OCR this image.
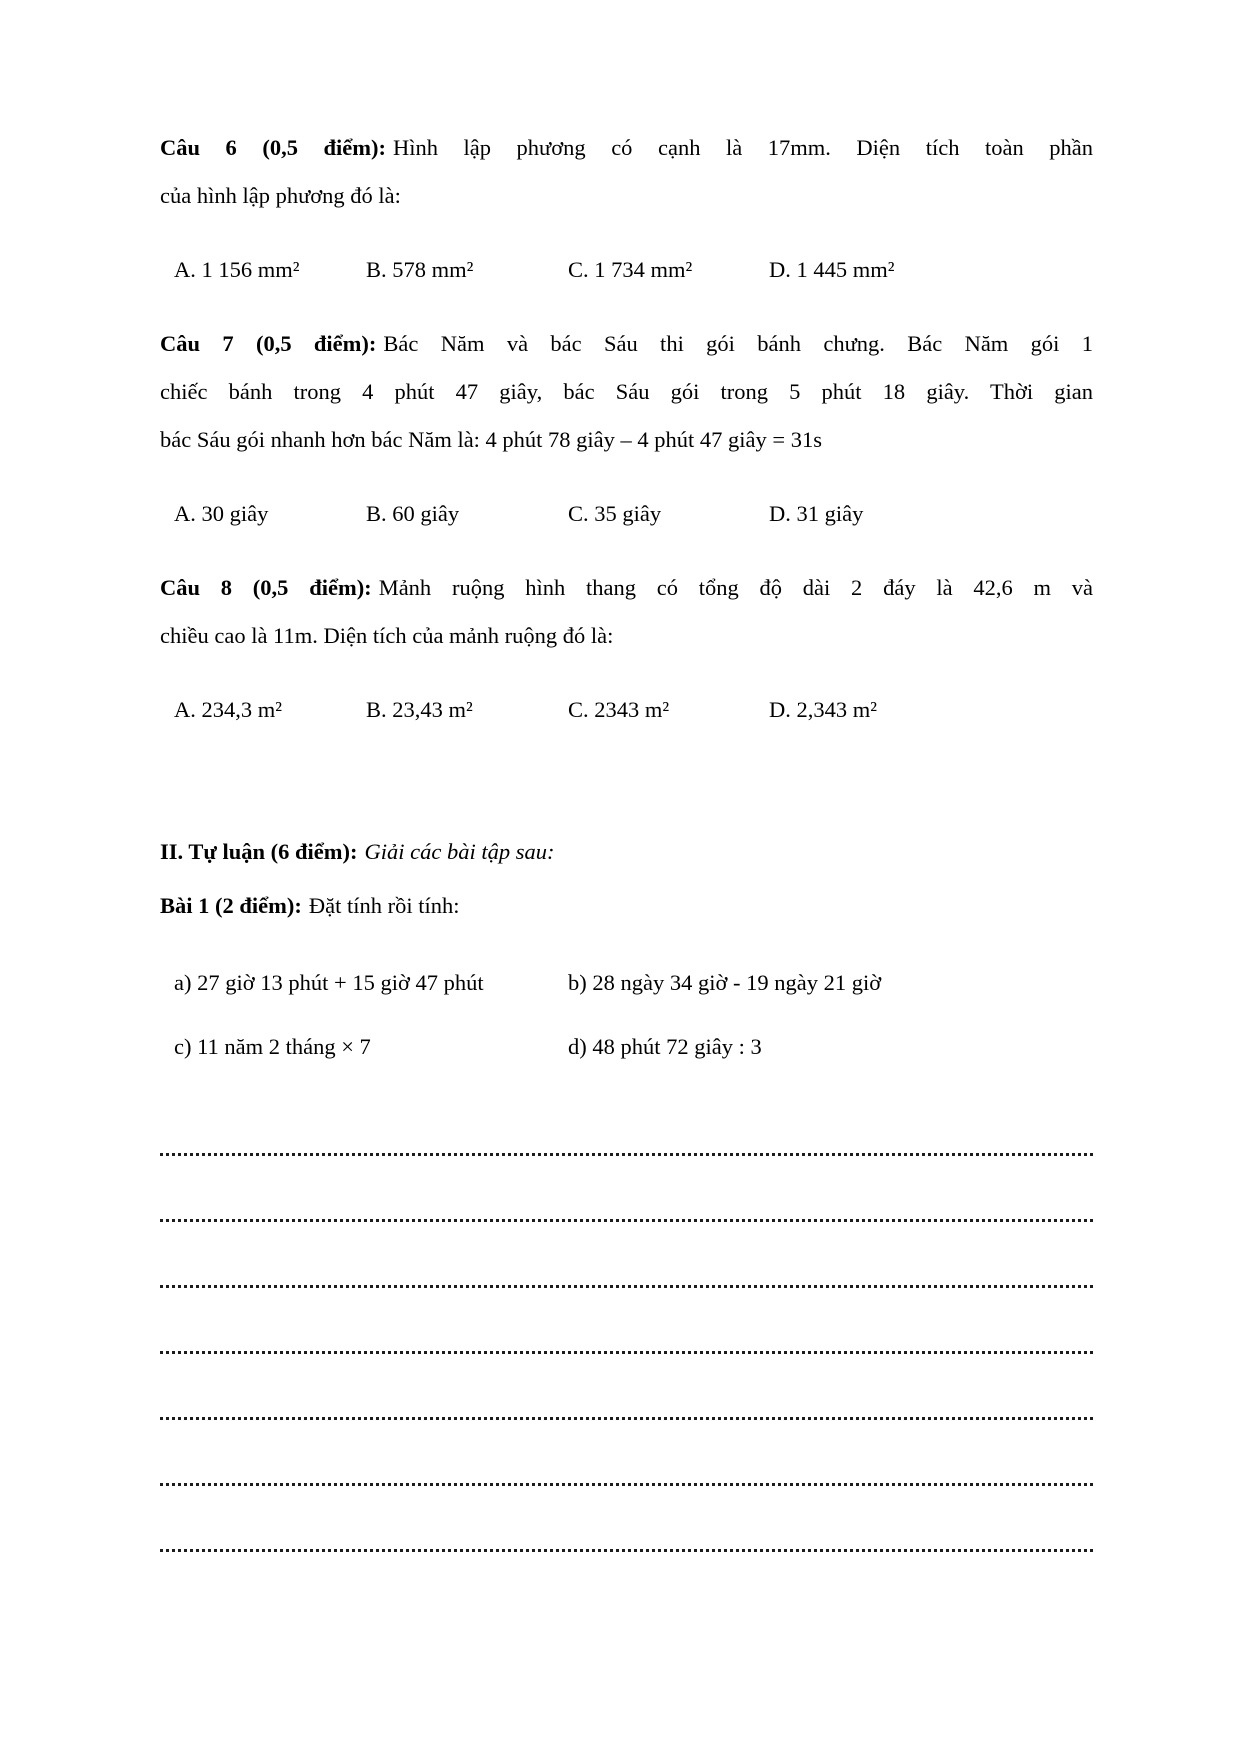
Câu 6 (0,5 điểm): Hình lập phương có cạnh là 17mm. Diện tích toàn phần
của hình lập phương đó là:
A. 1 156 mm²	B. 578 mm²	C. 1 734 mm²	D. 1 445 mm²
Câu 7 (0,5 điểm): Bác Năm và bác Sáu thi gói bánh chưng. Bác Năm gói 1
chiếc bánh trong 4 phút 47 giây, bác Sáu gói trong 5 phút 18 giây. Thời gian
bác Sáu gói nhanh hơn bác Năm là: 4 phút 78 giây – 4 phút 47 giây = 31s
A. 30 giây	B. 60 giây	C. 35 giây	D. 31 giây
Câu 8 (0,5 điểm): Mảnh ruộng hình thang có tổng độ dài 2 đáy là 42,6 m và
chiều cao là 11m. Diện tích của mảnh ruộng đó là:
A. 234,3 m²	B. 23,43 m²	C. 2343 m²	D. 2,343 m²
II. Tự luận (6 điểm): Giải các bài tập sau:
Bài 1 (2 điểm): Đặt tính rồi tính:
a) 27 giờ 13 phút + 15 giờ 47 phút	b) 28 ngày 34 giờ - 19 ngày 21 giờ
c) 11 năm 2 tháng × 7	d) 48 phút 72 giây : 3
